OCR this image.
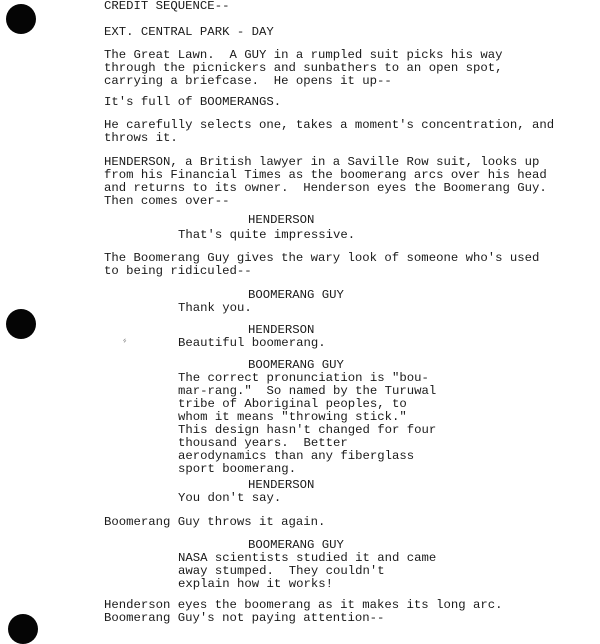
⸗

CREDIT SEQUENCE--

EXT. CENTRAL PARK - DAY

The Great Lawn.  A GUY in a rumpled suit picks his way
through the picnickers and sunbathers to an open spot,
carrying a briefcase.  He opens it up--

It's full of BOOMERANGS.

He carefully selects one, takes a moment's concentration, and
throws it.

HENDERSON, a British lawyer in a Saville Row suit, looks up
from his Financial Times as the boomerang arcs over his head
and returns to its owner.  Henderson eyes the Boomerang Guy.
Then comes over--

HENDERSON

That's quite impressive.

The Boomerang Guy gives the wary look of someone who's used
to being ridiculed--

BOOMERANG GUY

Thank you.

HENDERSON

Beautiful boomerang.

BOOMERANG GUY

The correct pronunciation is "bou-
mar-rang."  So named by the Turuwal
tribe of Aboriginal peoples, to
whom it means "throwing stick."
This design hasn't changed for four
thousand years.  Better
aerodynamics than any fiberglass
sport boomerang.

HENDERSON

You don't say.

Boomerang Guy throws it again.

BOOMERANG GUY

NASA scientists studied it and came
away stumped.  They couldn't
explain how it works!

Henderson eyes the boomerang as it makes its long arc.
Boomerang Guy's not paying attention--
